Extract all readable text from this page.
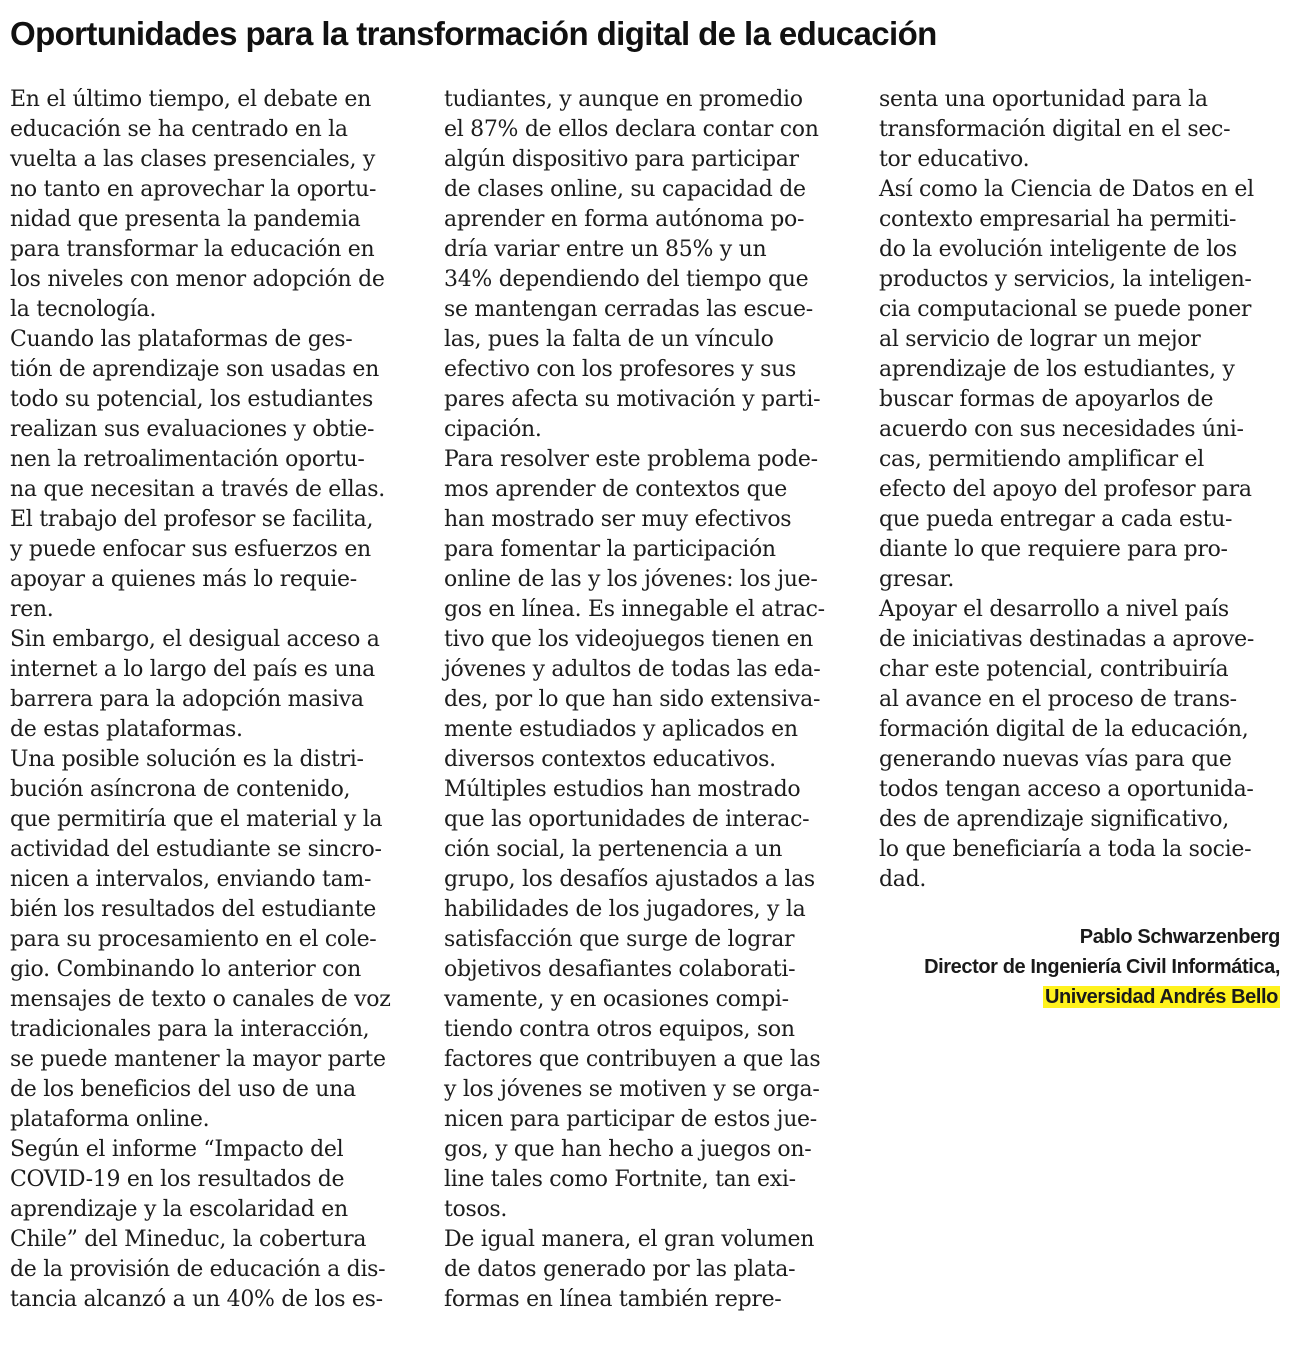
Oportunidades para la transformación digital de la educación
En el último tiempo, el debate en
educación se ha centrado en la
vuelta a las clases presenciales, y
no tanto en aprovechar la oportu-
nidad que presenta la pandemia
para transformar la educación en
los niveles con menor adopción de
la tecnología.
Cuando las plataformas de ges-
tión de aprendizaje son usadas en
todo su potencial, los estudiantes
realizan sus evaluaciones y obtie-
nen la retroalimentación oportu-
na que necesitan a través de ellas.
El trabajo del profesor se facilita,
y puede enfocar sus esfuerzos en
apoyar a quienes más lo requie-
ren.
Sin embargo, el desigual acceso a
internet a lo largo del país es una
barrera para la adopción masiva
de estas plataformas.
Una posible solución es la distri-
bución asíncrona de contenido,
que permitiría que el material y la
actividad del estudiante se sincro-
nicen a intervalos, enviando tam-
bién los resultados del estudiante
para su procesamiento en el cole-
gio. Combinando lo anterior con
mensajes de texto o canales de voz
tradicionales para la interacción,
se puede mantener la mayor parte
de los beneficios del uso de una
plataforma online.
Según el informe “Impacto del
COVID-19 en los resultados de
aprendizaje y la escolaridad en
Chile” del Mineduc, la cobertura
de la provisión de educación a dis-
tancia alcanzó a un 40% de los es-
tudiantes, y aunque en promedio
el 87% de ellos declara contar con
algún dispositivo para participar
de clases online, su capacidad de
aprender en forma autónoma po-
dría variar entre un 85% y un
34% dependiendo del tiempo que
se mantengan cerradas las escue-
las, pues la falta de un vínculo
efectivo con los profesores y sus
pares afecta su motivación y parti-
cipación.
Para resolver este problema pode-
mos aprender de contextos que
han mostrado ser muy efectivos
para fomentar la participación
online de las y los jóvenes: los jue-
gos en línea. Es innegable el atrac-
tivo que los videojuegos tienen en
jóvenes y adultos de todas las eda-
des, por lo que han sido extensiva-
mente estudiados y aplicados en
diversos contextos educativos.
Múltiples estudios han mostrado
que las oportunidades de interac-
ción social, la pertenencia a un
grupo, los desafíos ajustados a las
habilidades de los jugadores, y la
satisfacción que surge de lograr
objetivos desafiantes colaborati-
vamente, y en ocasiones compi-
tiendo contra otros equipos, son
factores que contribuyen a que las
y los jóvenes se motiven y se orga-
nicen para participar de estos jue-
gos, y que han hecho a juegos on-
line tales como Fortnite, tan exi-
tosos.
De igual manera, el gran volumen
de datos generado por las plata-
formas en línea también repre-
senta una oportunidad para la
transformación digital en el sec-
tor educativo.
Así como la Ciencia de Datos en el
contexto empresarial ha permiti-
do la evolución inteligente de los
productos y servicios, la inteligen-
cia computacional se puede poner
al servicio de lograr un mejor
aprendizaje de los estudiantes, y
buscar formas de apoyarlos de
acuerdo con sus necesidades úni-
cas, permitiendo amplificar el
efecto del apoyo del profesor para
que pueda entregar a cada estu-
diante lo que requiere para pro-
gresar.
Apoyar el desarrollo a nivel país
de iniciativas destinadas a aprove-
char este potencial, contribuiría
al avance en el proceso de trans-
formación digital de la educación,
generando nuevas vías para que
todos tengan acceso a oportunida-
des de aprendizaje significativo,
lo que beneficiaría a toda la socie-
dad.
Pablo Schwarzenberg
Director de Ingeniería Civil Informática,
Universidad Andrés Bello
